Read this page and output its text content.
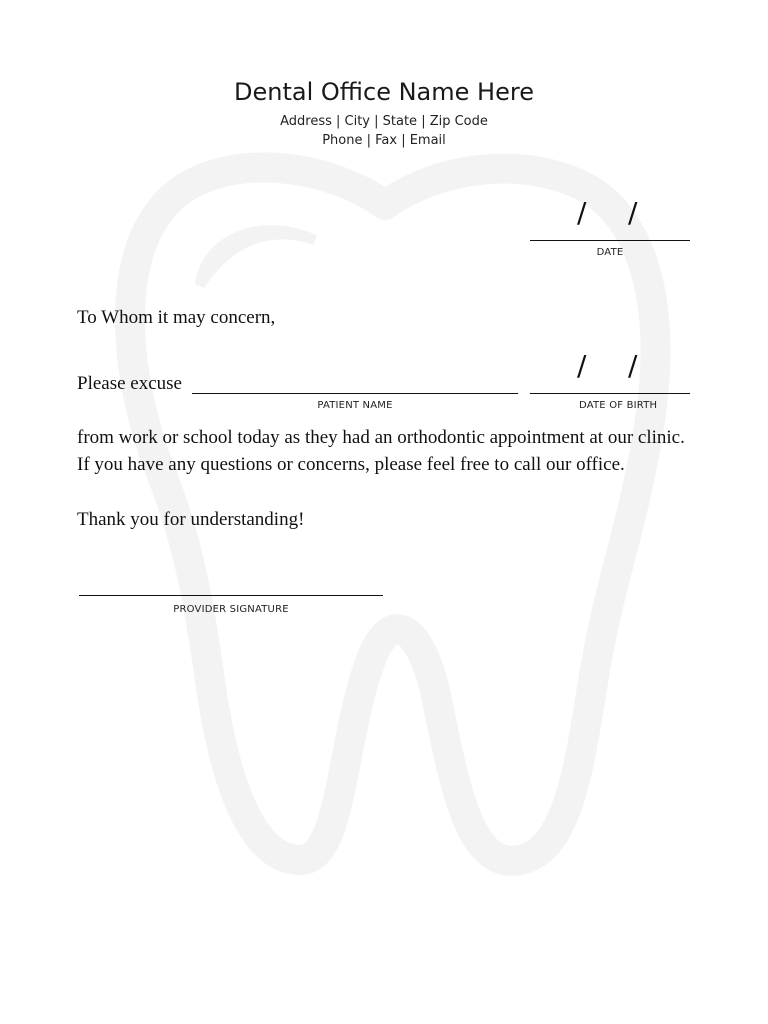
Dental Office Name Here
Address | City | State | Zip Code
Phone | Fax | Email
/ /
DATE
To Whom it may concern,
Please excuse
PATIENT NAME
/ /
DATE OF BIRTH
from work or school today as they had an orthodontic appointment at our clinic.
If you have any questions or concerns, please feel free to call our office.
Thank you for understanding!
PROVIDER SIGNATURE
